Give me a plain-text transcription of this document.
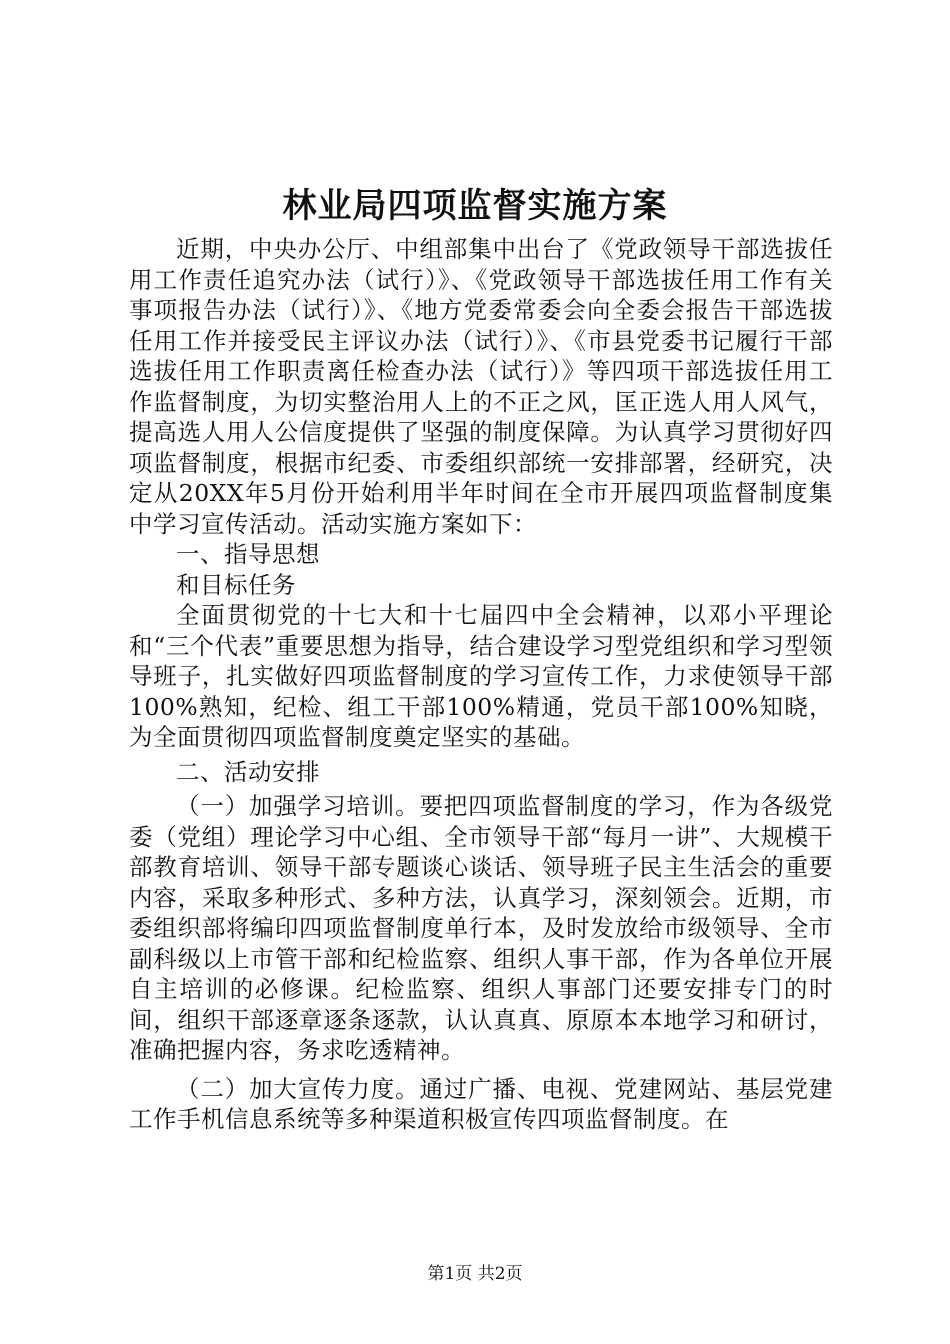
林业局四项监督实施方案

近期，中央办公厅、中组部集中出台了《党政领导干部选拔任用工作责任追究办法（试行）》、《党政领导干部选拔任用工作有关事项报告办法（试行）》、《地方党委常委会向全委会报告干部选拔任用工作并接受民主评议办法（试行）》、《市县党委书记履行干部选拔任用工作职责离任检查办法（试行）》等四项干部选拔任用工作监督制度，为切实整治用人上的不正之风，匡正选人用人风气，提高选人用人公信度提供了坚强的制度保障。为认真学习贯彻好四项监督制度，根据市纪委、市委组织部统一安排部署，经研究，决定从20XX年5月份开始利用半年时间在全市开展四项监督制度集中学习宣传活动。活动实施方案如下：

一、指导思想

和目标任务

全面贯彻党的十七大和十七届四中全会精神，以邓小平理论和“三个代表”重要思想为指导，结合建设学习型党组织和学习型领导班子，扎实做好四项监督制度的学习宣传工作，力求使领导干部100%熟知，纪检、组工干部100%精通，党员干部100%知晓，为全面贯彻四项监督制度奠定坚实的基础。

二、活动安排

（一）加强学习培训。要把四项监督制度的学习，作为各级党委（党组）理论学习中心组、全市领导干部“每月一讲”、大规模干部教育培训、领导干部专题谈心谈话、领导班子民主生活会的重要内容，采取多种形式、多种方法，认真学习，深刻领会。近期，市委组织部将编印四项监督制度单行本，及时发放给市级领导、全市副科级以上市管干部和纪检监察、组织人事干部，作为各单位开展自主培训的必修课。纪检监察、组织人事部门还要安排专门的时间，组织干部逐章逐条逐款，认认真真、原原本本地学习和研讨，准确把握内容，务求吃透精神。

（二）加大宣传力度。通过广播、电视、党建网站、基层党建工作手机信息系统等多种渠道积极宣传四项监督制度。在

第1页 共2页
